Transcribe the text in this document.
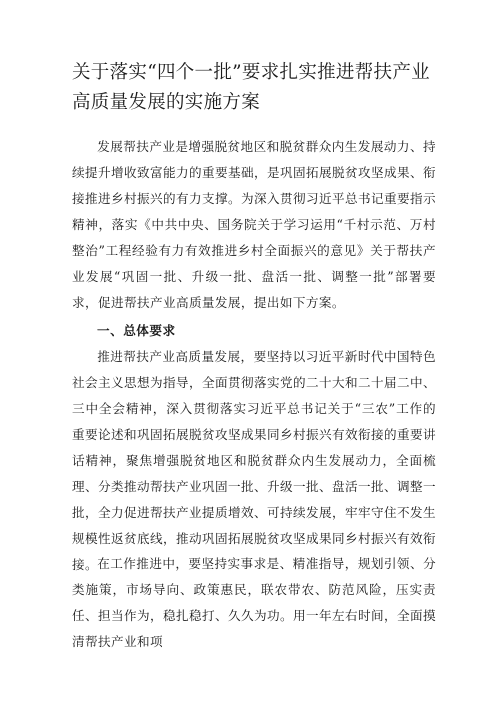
关于落实“四个一批”要求扎实推进帮扶产业高质量发展的实施方案

发展帮扶产业是增强脱贫地区和脱贫群众内生发展动力、持续提升增收致富能力的重要基础，是巩固拓展脱贫攻坚成果、衔接推进乡村振兴的有力支撑。为深入贯彻习近平总书记重要指示精神，落实《中共中央、国务院关于学习运用“千村示范、万村整治”工程经验有力有效推进乡村全面振兴的意见》关于帮扶产业发展“巩固一批、升级一批、盘活一批、调整一批”部署要求，促进帮扶产业高质量发展，提出如下方案。

一、总体要求

推进帮扶产业高质量发展，要坚持以习近平新时代中国特色社会主义思想为指导，全面贯彻落实党的二十大和二十届二中、三中全会精神，深入贯彻落实习近平总书记关于“三农”工作的重要论述和巩固拓展脱贫攻坚成果同乡村振兴有效衔接的重要讲话精神，聚焦增强脱贫地区和脱贫群众内生发展动力，全面梳理、分类推动帮扶产业巩固一批、升级一批、盘活一批、调整一批，全力促进帮扶产业提质增效、可持续发展，牢牢守住不发生规模性返贫底线，推动巩固拓展脱贫攻坚成果同乡村振兴有效衔接。 在工作推进中，要坚持实事求是、精准指导，规划引领、分类施策，市场导向、政策惠民，联农带农、防范风险，压实责任、担当作为，稳扎稳打、久久为功。用一年左右时间，全面摸清帮扶产业和项
